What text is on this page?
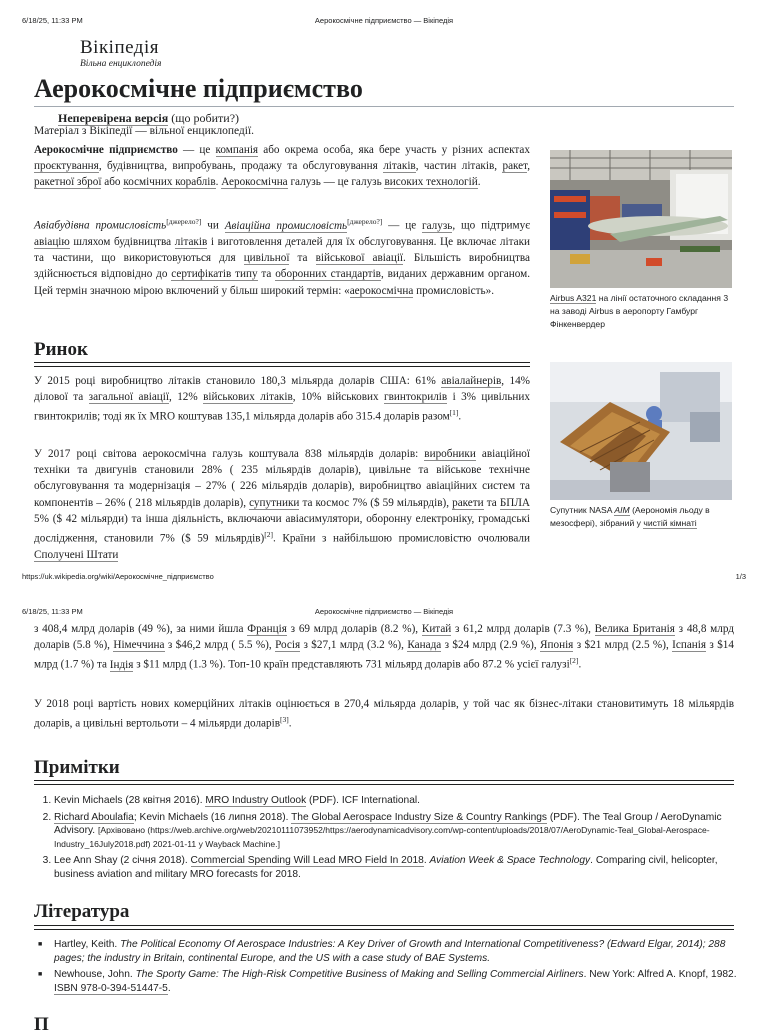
6/18/25, 11:33 PM	Аерокосмічне підприємство — Вікіпедія
Вікіпедія
Вільна енциклопедія
Аерокосмічне підприємство
Неперевірена версія (що робити?)
Матеріал з Вікіпедії — вільної енциклопедії.

Аерокосмічне підприємство — це компанія або окрема особа, яка бере участь у різних аспектах проєктування, будівництва, випробувань, продажу та обслуговування літаків, частин літаків, ракет, ракетної зброї або космічних кораблів. Аерокосмічна галузь — це галузь високих технологій.

Авіабудівна промисловість[джерело?] чи Авіаційна промисловість[джерело?] — це галузь, що підтримує авіацію шляхом будівництва літаків і виготовлення деталей для їх обслуговування. Це включає літаки та частини, що використовуються для цивільної та військової авіації. Більшість виробництва здійснюється відповідно до сертифікатів типу та оборонних стандартів, виданих державним органом. Цей термін значною мірою включений у більш широкий термін: «аерокосмічна промисловість».

Ринок

У 2015 році виробництво літаків становило 180,3 мільярда доларів США: 61% авіалайнерів, 14% ділової та загальної авіації, 12% військових літаків, 10% військових гвинтокрилів і 3% цивільних гвинтокрилів; тоді як їх MRO коштував 135,1 мільярда доларів або 315.4 доларів разом[1].

У 2017 році світова аерокосмічна галузь коштувала 838 мільярдів доларів: виробники авіаційної техніки та двигунів становили 28% ( 235 мільярдів доларів), цивільне та військове технічне обслуговування та модернізація – 27% ( 226 мільярдів доларів), виробництво авіаційних систем та компонентів – 26% ( 218 мільярдів доларів), супутники та космос 7% ($ 59 мільярдів), ракети та БПЛА 5% ($ 42 мільярди) та інша діяльність, включаючи авіасимулятори, оборонну електроніку, громадські дослідження, становили 7% ($ 59 мільярдів)[2]. Країни з найбільшою промисловістю очолювали Сполучені Штати

Airbus A321 на лінії остаточного складання 3 на заводі Airbus в аеропорту Гамбург Фінкенвердер
Супутник NASA AIM (Аерономія льоду в мезосфері), зібраний у чистій кімнаті
https://uk.wikipedia.org/wiki/Аерокосмічне_підприємство	1/3
6/18/25, 11:33 PM	Аерокосмічне підприємство — Вікіпедія

з 408,4 млрд доларів (49 %), за ними йшла Франція з 69 млрд доларів (8.2 %), Китай з 61,2 млрд доларів (7.3 %), Велика Британія з 48,8 млрд доларів (5.8 %), Німеччина з $46,2 млрд ( 5.5 %), Росія з $27,1 млрд (3.2 %), Канада з $24 млрд (2.9 %), Японія з $21 млрд (2.5 %), Іспанія з $14 млрд (1.7 %) та Індія з $11 млрд (1.3 %). Топ-10 країн представляють 731 мільярд доларів або 87.2 % усієї галузі[2].

У 2018 році вартість нових комерційних літаків оцінюється в 270,4 мільярда доларів, у той час як бізнес-літаки становитимуть 18 мільярдів доларів, а цивільні вертольоти – 4 мільярди доларів[3].

Примітки
1. Kevin Michaels (28 квітня 2016). MRO Industry Outlook (PDF). ICF International.
2. Richard Aboulafia; Kevin Michaels (16 липня 2018). The Global Aerospace Industry Size & Country Rankings (PDF). The Teal Group / AeroDynamic Advisory. [Архівовано (https://web.archive.org/web/20210111073952/https://aerodynamicadvisory.com/wp-content/uploads/2018/07/AeroDynamic-Teal_Global-Aerospace-Industry_16July2018.pdf) 2021-01-11 у Wayback Machine.]
3. Lee Ann Shay (2 січня 2018). Commercial Spending Will Lead MRO Field In 2018. Aviation Week & Space Technology. Comparing civil, helicopter, business aviation and military MRO forecasts for 2018.
Література
■ Hartley, Keith. The Political Economy Of Aerospace Industries: A Key Driver of Growth and International Competitiveness? (Edward Elgar, 2014); 288 pages; the industry in Britain, continental Europe, and the US with a case study of BAE Systems.
■ Newhouse, John. The Sporty Game: The High-Risk Competitive Business of Making and Selling Commercial Airliners. New York: Alfred A. Knopf, 1982. ISBN 978-0-394-51447-5.
П
